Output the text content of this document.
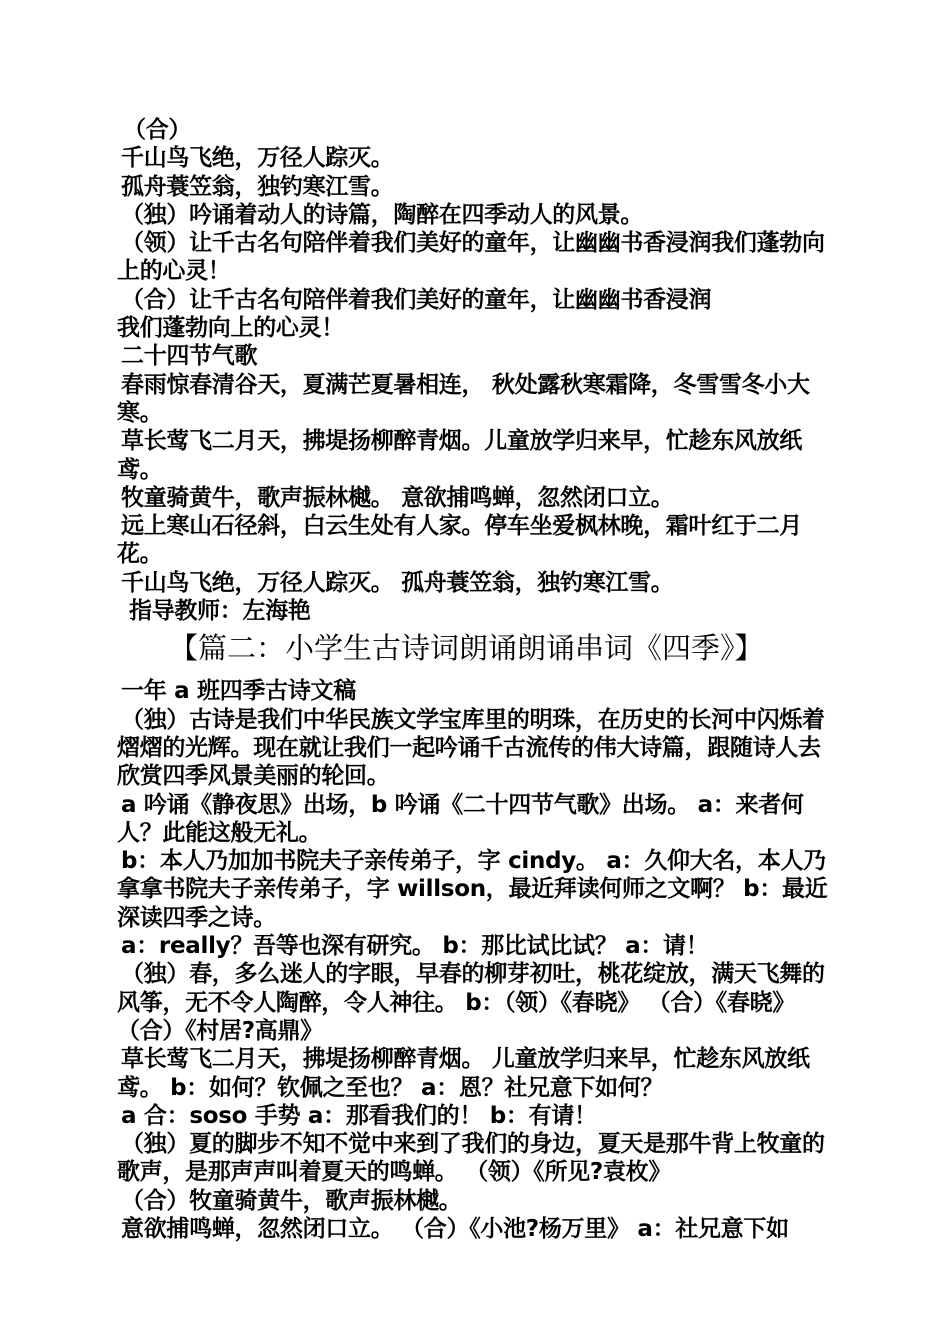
（合）

千山鸟飞绝，万径人踪灭。

孤舟蓑笠翁，独钓寒江雪。

（独）吟诵着动人的诗篇，陶醉在四季动人的风景。

（领）让千古名句陪伴着我们美好的童年，让幽幽书香浸润我们蓬勃向上的心灵！

（合）让千古名句陪伴着我们美好的童年，让幽幽书香浸润

我们蓬勃向上的心灵！

二十四节气歌

春雨惊春清谷天，夏满芒夏暑相连， 秋处露秋寒霜降，冬雪雪冬小大寒。

草长莺飞二月天，拂堤扬柳醉青烟。儿童放学归来早，忙趁东风放纸鸢。

牧童骑黄牛，歌声振林樾。 意欲捕鸣蝉，忽然闭口立。

远上寒山石径斜，白云生处有人家。停车坐爱枫林晚，霜叶红于二月花。

千山鸟飞绝，万径人踪灭。 孤舟蓑笠翁，独钓寒江雪。

指导教师：左海艳

【篇二：小学生古诗词朗诵朗诵串词《四季》】

一年 a 班四季古诗文稿

（独）古诗是我们中华民族文学宝库里的明珠，在历史的长河中闪烁着熠熠的光辉。现在就让我们一起吟诵千古流传的伟大诗篇，跟随诗人去欣赏四季风景美丽的轮回。

a 吟诵《静夜思》出场，b 吟诵《二十四节气歌》出场。 a：来者何人？此能这般无礼。

b：本人乃加加书院夫子亲传弟子，字 cindy。 a：久仰大名，本人乃拿拿书院夫子亲传弟子，字 willson，最近拜读何师之文啊？ b：最近深读四季之诗。

a：really？吾等也深有研究。 b：那比试比试？ a：请！

（独）春，多么迷人的字眼，早春的柳芽初吐，桃花绽放，满天飞舞的风筝，无不令人陶醉，令人神往。 b：（领）《春晓》 （合）《春晓》 （合）《村居?高鼎》

草长莺飞二月天，拂堤扬柳醉青烟。 儿童放学归来早，忙趁东风放纸鸢。 b：如何？钦佩之至也？ a：恩？社兄意下如何？

a 合：soso 手势 a：那看我们的！ b：有请！

（独）夏的脚步不知不觉中来到了我们的身边，夏天是那牛背上牧童的歌声，是那声声叫着夏天的鸣蝉。 （领）《所见?袁枚》

（合）牧童骑黄牛，歌声振林樾。

意欲捕鸣蝉，忽然闭口立。 （合）《小池?杨万里》 a：社兄意下如
